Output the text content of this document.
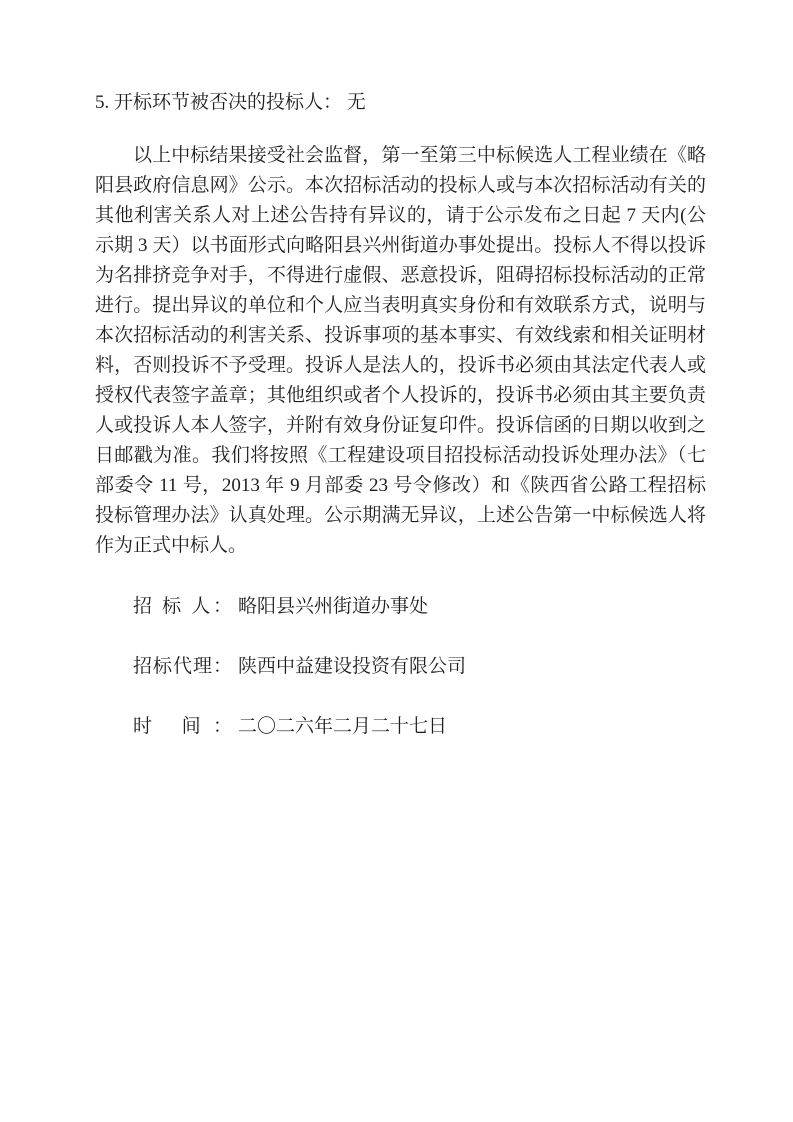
5. 开标环节被否决的投标人： 无

以上中标结果接受社会监督，第一至第三中标候选人工程业绩在《略阳县政府信息网》公示。本次招标活动的投标人或与本次招标活动有关的其他利害关系人对上述公告持有异议的，请于公示发布之日起 7 天内(公示期 3 天）以书面形式向略阳县兴州街道办事处提出。投标人不得以投诉为名排挤竞争对手，不得进行虚假、恶意投诉，阻碍招标投标活动的正常进行。提出异议的单位和个人应当表明真实身份和有效联系方式，说明与本次招标活动的利害关系、投诉事项的基本事实、有效线索和相关证明材料，否则投诉不予受理。投诉人是法人的，投诉书必须由其法定代表人或授权代表签字盖章；其他组织或者个人投诉的，投诉书必须由其主要负责人或投诉人本人签字，并附有效身份证复印件。投诉信函的日期以收到之日邮戳为准。我们将按照《工程建设项目招投标活动投诉处理办法》（七部委令 11 号，2013 年 9 月部委 23 号令修改）和《陕西省公路工程招标投标管理办法》认真处理。公示期满无异议，上述公告第一中标候选人将作为正式中标人。

招 标 人： 略阳县兴州街道办事处
招标代理： 陕西中益建设投资有限公司
时 间： 二〇二六年二月二十七日
